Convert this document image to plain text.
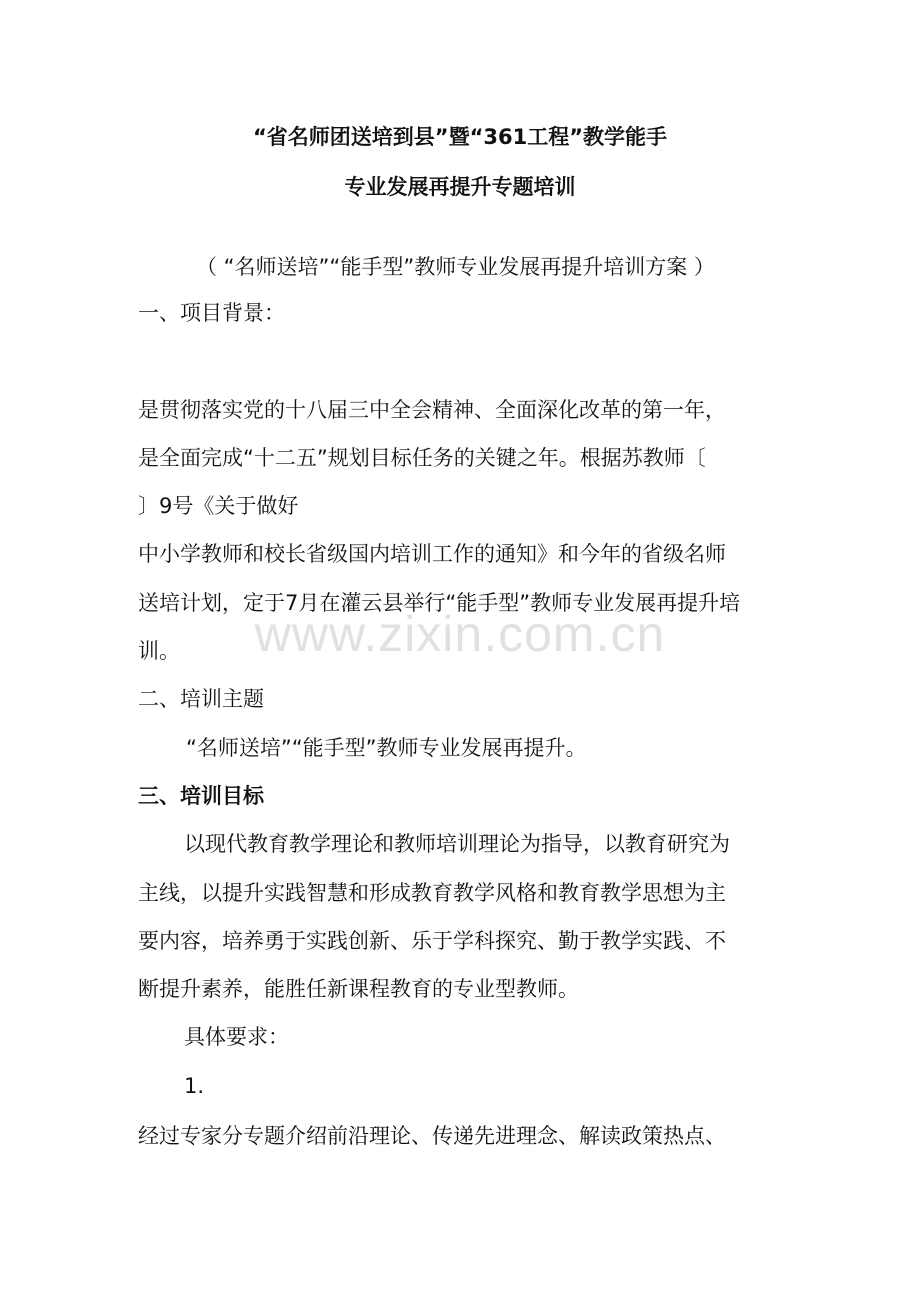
“省名师团送培到县”暨“361工程”教学能手
专业发展再提升专题培训
（ “名师送培”“能手型”教师专业发展再提升培训方案 ）
一、项目背景：
是贯彻落实党的十八届三中全会精神、全面深化改革的第一年，
是全面完成“十二五”规划目标任务的关键之年。根据苏教师〔
〕9号《关于做好
中小学教师和校长省级国内培训工作的通知》和今年的省级名师
送培计划，定于7月在灌云县举行“能手型”教师专业发展再提升培
训。
二、培训主题
“名师送培”“能手型”教师专业发展再提升。
三、培训目标
以现代教育教学理论和教师培训理论为指导，以教育研究为
主线，以提升实践智慧和形成教育教学风格和教育教学思想为主
要内容，培养勇于实践创新、乐于学科探究、勤于教学实践、不
断提升素养，能胜任新课程教育的专业型教师。
具体要求：
1.
经过专家分专题介绍前沿理论、传递先进理念、解读政策热点、
www.zixin.com.cn
